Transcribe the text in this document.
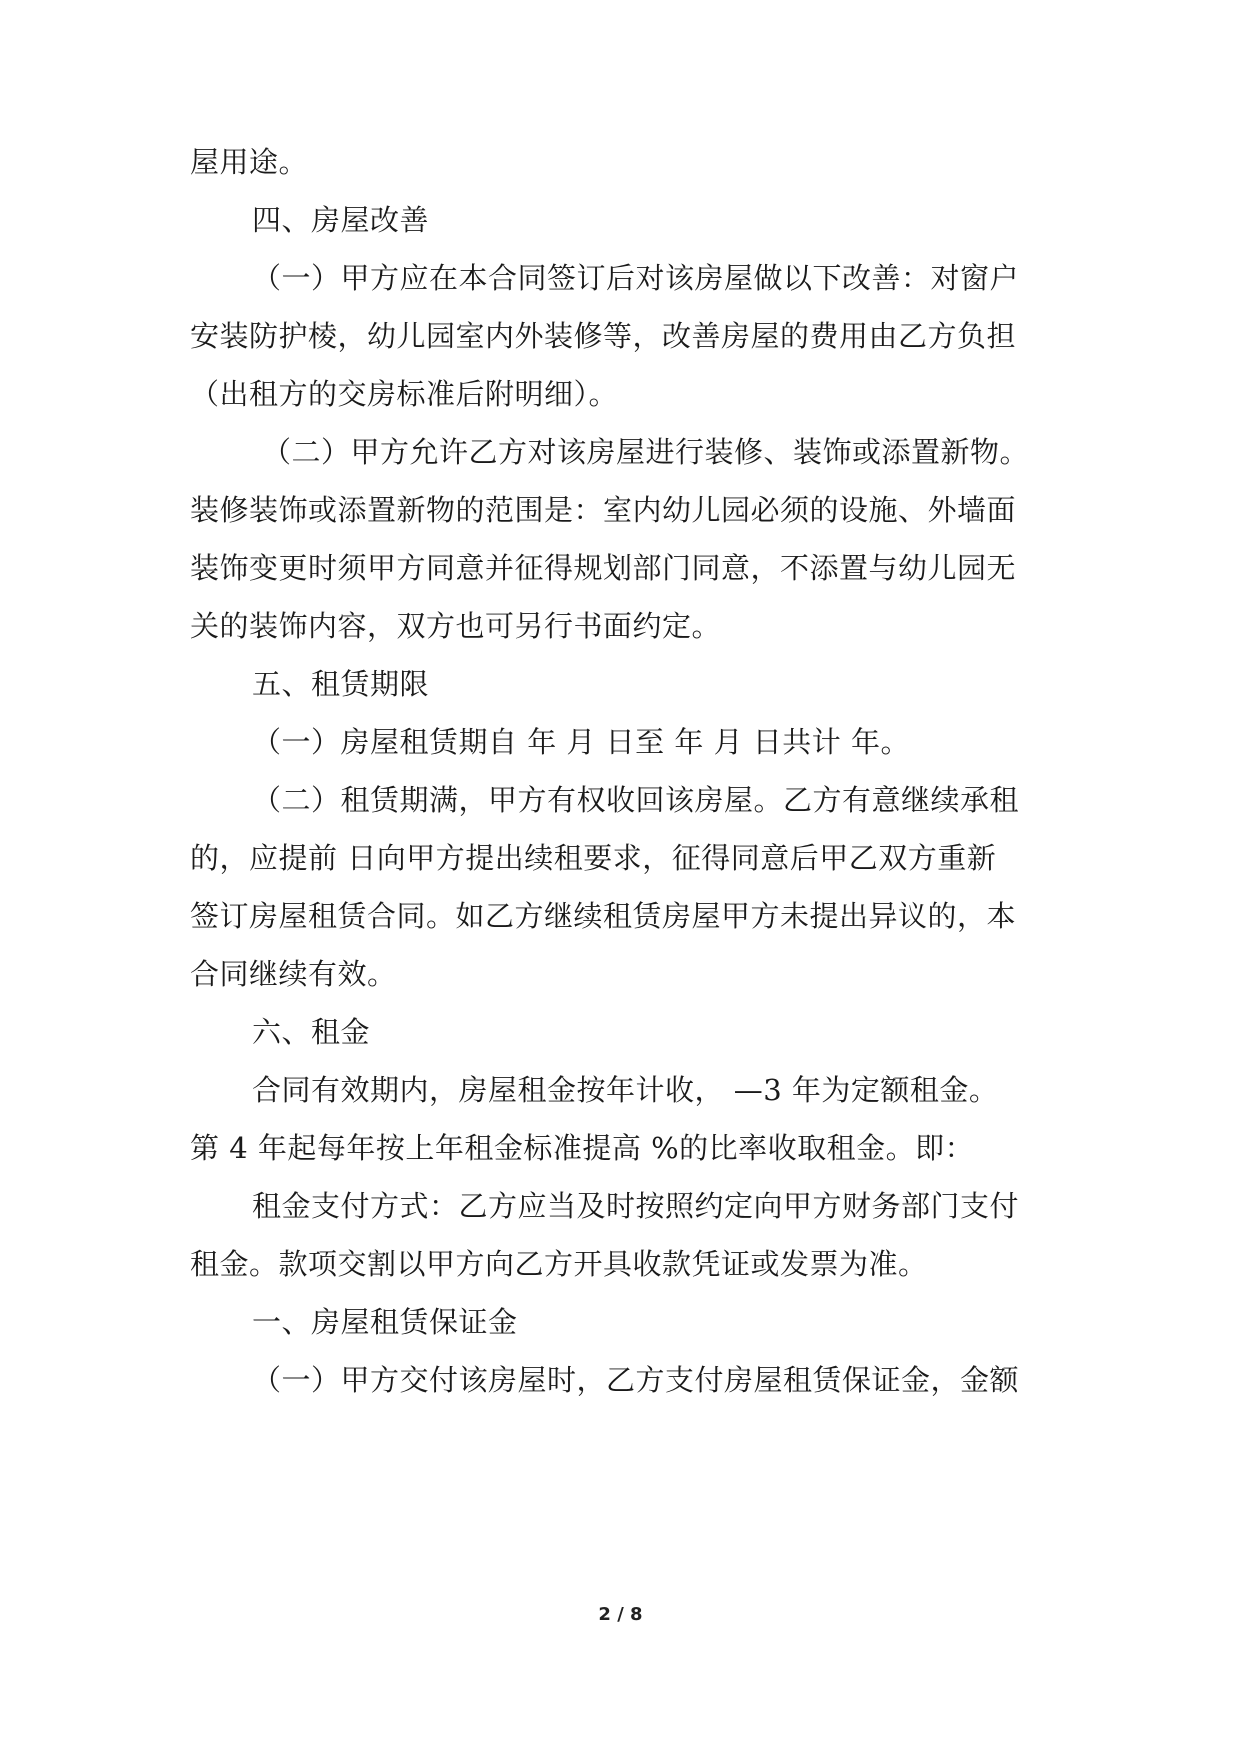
屋用途。
四、房屋改善
（一）甲方应在本合同签订后对该房屋做以下改善：对窗户
安装防护棱，幼儿园室内外装修等，改善房屋的费用由乙方负担
（出租方的交房标准后附明细）。
（二）甲方允许乙方对该房屋进行装修、装饰或添置新物。
装修装饰或添置新物的范围是：室内幼儿园必须的设施、外墙面
装饰变更时须甲方同意并征得规划部门同意，不添置与幼儿园无
关的装饰内容，双方也可另行书面约定。
五、租赁期限
（一）房屋租赁期自 年 月 日至 年 月 日共计 年。
（二）租赁期满，甲方有权收回该房屋。乙方有意继续承租
的，应提前 日向甲方提出续租要求，征得同意后甲乙双方重新
签订房屋租赁合同。如乙方继续租赁房屋甲方未提出异议的，本
合同继续有效。
六、租金
合同有效期内，房屋租金按年计收， —3 年为定额租金。
第 4 年起每年按上年租金标准提高 %的比率收取租金。即：
租金支付方式：乙方应当及时按照约定向甲方财务部门支付
租金。款项交割以甲方向乙方开具收款凭证或发票为准。
一、房屋租赁保证金
（一）甲方交付该房屋时，乙方支付房屋租赁保证金，金额
2 / 8
